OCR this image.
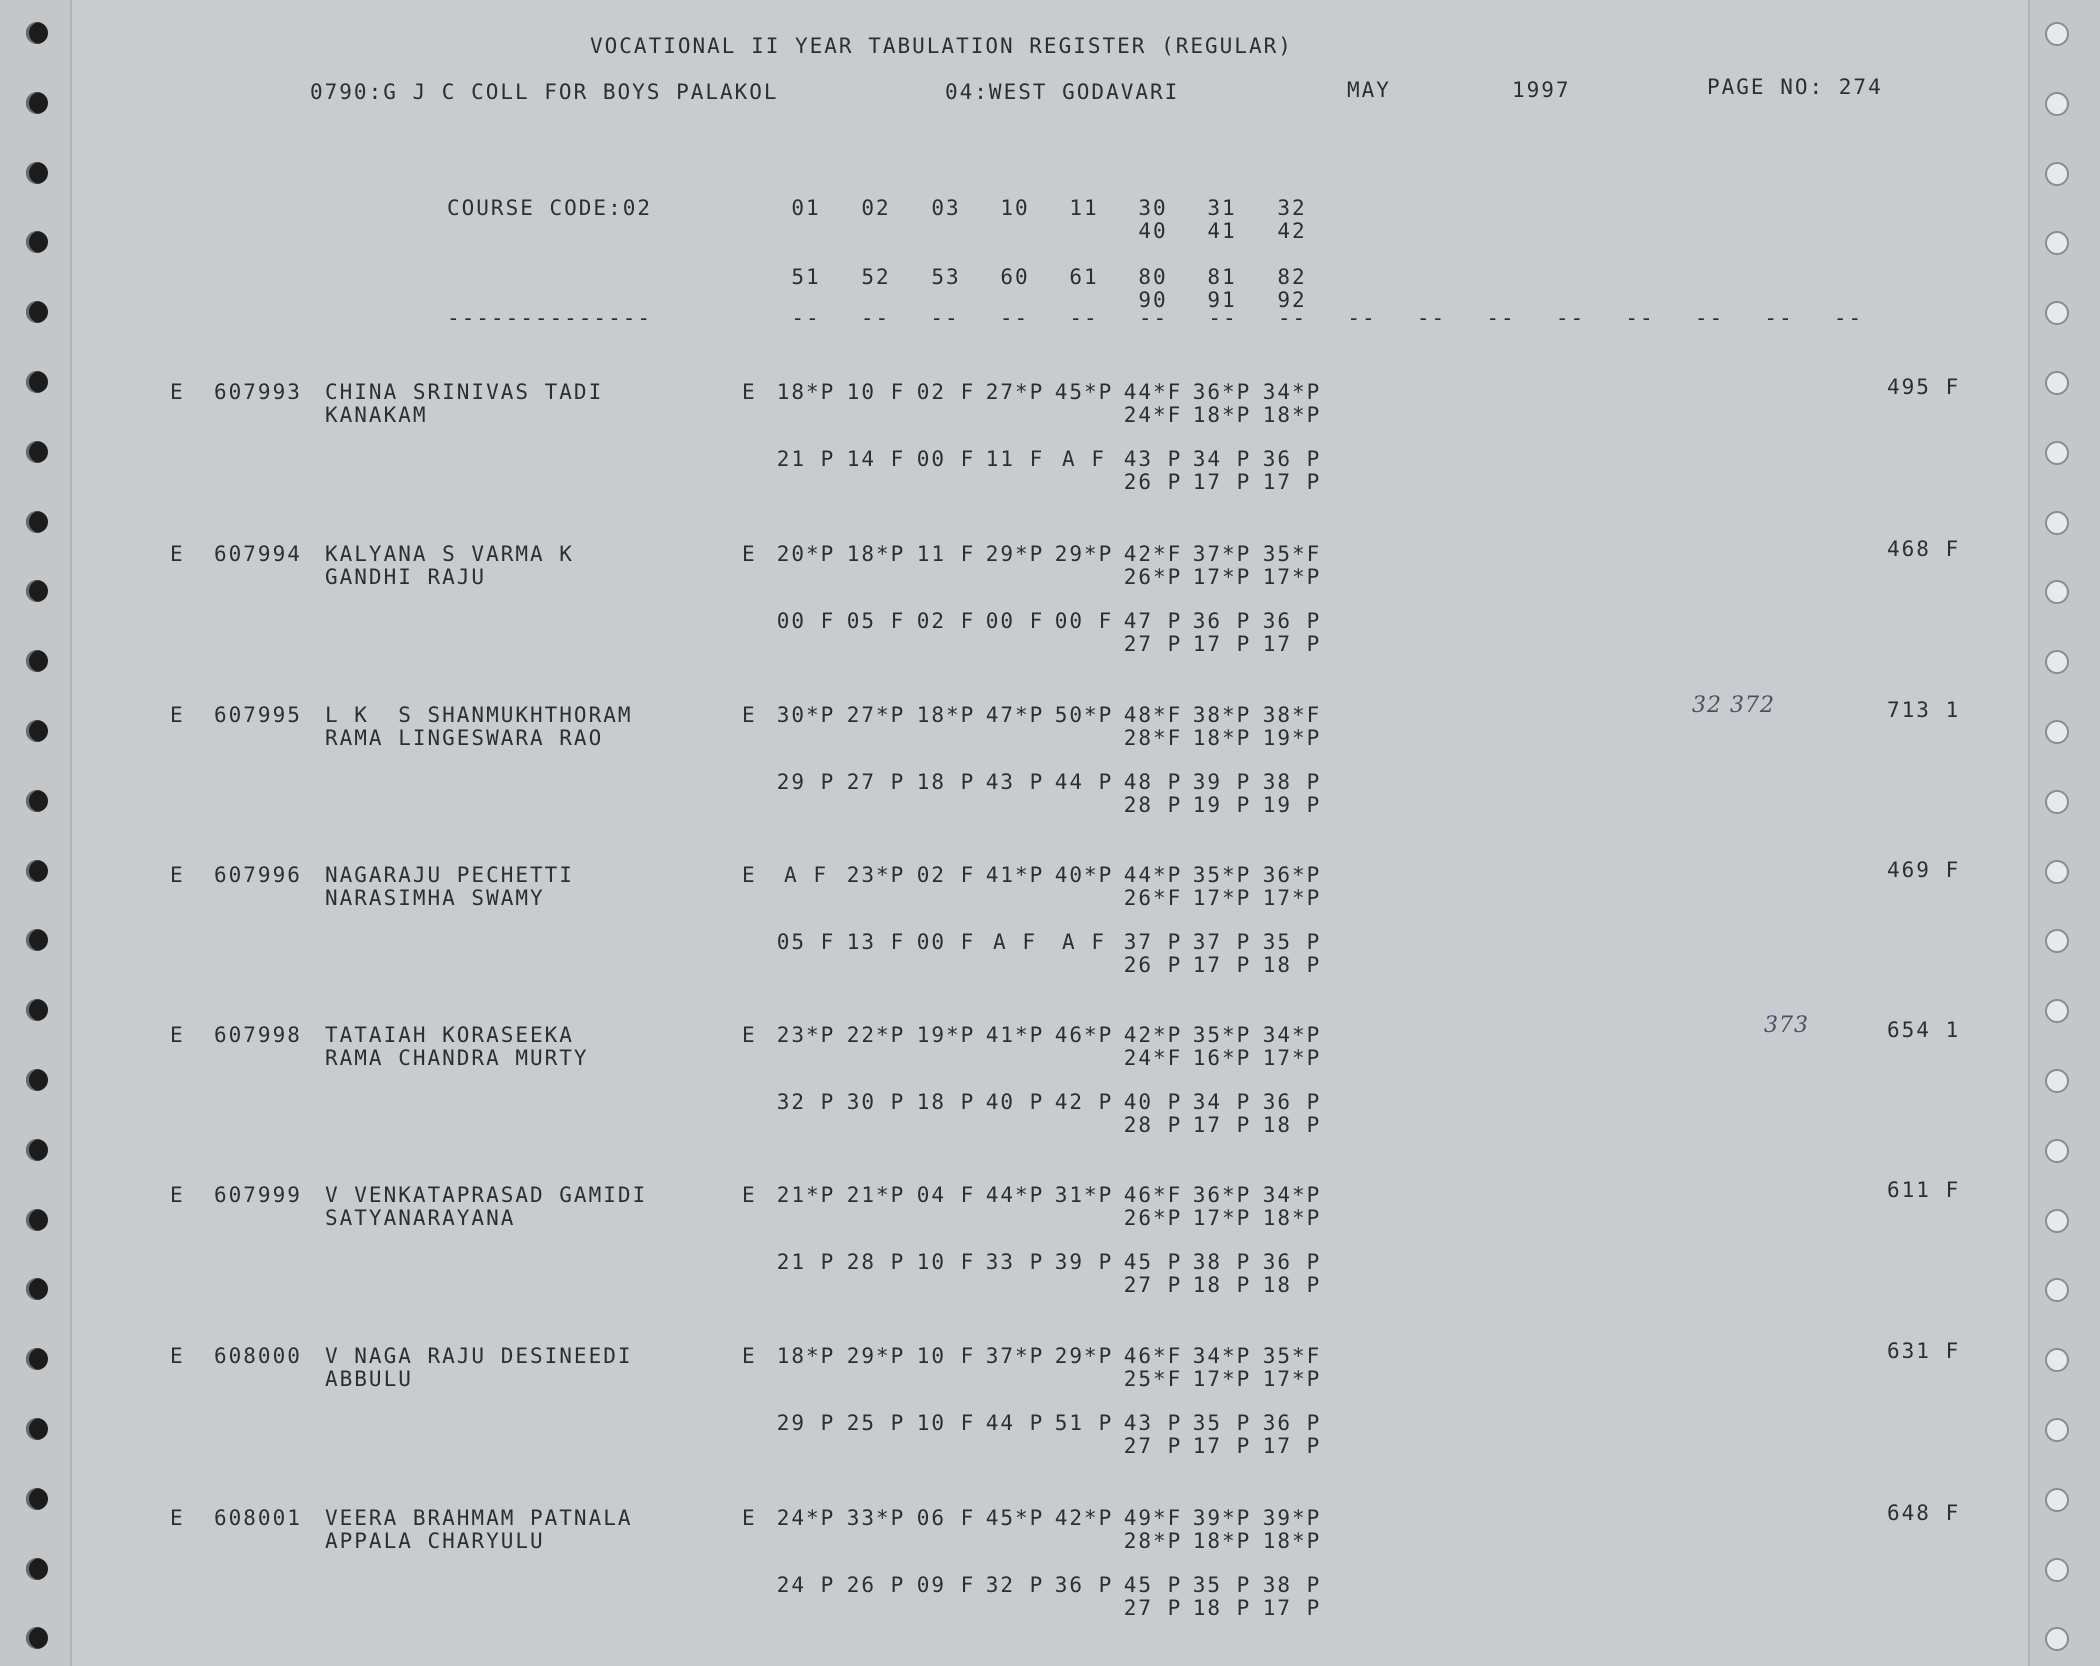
VOCATIONAL II YEAR TABULATION REGISTER (REGULAR)
0790:G J C COLL FOR BOYS PALAKOL	04:WEST GODAVARI	MAY	1997	PAGE NO: 274
COURSE CODE:02
--------------
01	02	03	10	11	30	31	32
40	41	42
51	52	53	60	61	80	81	82
90	91	92
--	--	--	--	--	--	--	--	--	--	--	--	--	--	--	--
E 607993 CHINA SRINIVAS TADI
KANAKAM
E 18*P 10 F 02 F 27*P 45*P 44*F 36*P 34*P
24*F 18*P 18*P
21 P 14 F 00 F 11 F A F 43 P 34 P 36 P
26 P 17 P 17 P
495 F
E 607994 KALYANA S VARMA K
GANDHI RAJU
E 20*P 18*P 11 F 29*P 29*P 42*F 37*P 35*F
26*P 17*P 17*P
00 F 05 F 02 F 00 F 00 F 47 P 36 P 36 P
27 P 17 P 17 P
468 F
E 607995 L K  S SHANMUKHTHORAM
RAMA LINGESWARA RAO
E 30*P 27*P 18*P 47*P 50*P 48*F 38*P 38*F
28*F 18*P 19*P
29 P 27 P 18 P 43 P 44 P 48 P 39 P 38 P
28 P 19 P 19 P
713 1
32 372
E 607996 NAGARAJU PECHETTI
NARASIMHA SWAMY
E	A F 23*P 02 F 41*P 40*P 44*P 35*P 36*P
26*F 17*P 17*P
05 F 13 F 00 F A F	A F 37 P 37 P 35 P
26 P 17 P 18 P
469 F
E 607998 TATAIAH KORASEEKA
RAMA CHANDRA MURTY
E 23*P 22*P 19*P 41*P 46*P 42*P 35*P 34*P
24*F 16*P 17*P
32 P 30 P 18 P 40 P 42 P 40 P 34 P 36 P
28 P 17 P 18 P
654 1
373
E 607999 V VENKATAPRASAD GAMIDI
SATYANARAYANA
E 21*P 21*P 04 F 44*P 31*P 46*F 36*P 34*P
26*P 17*P 18*P
21 P 28 P 10 F 33 P 39 P 45 P 38 P 36 P
27 P 18 P 18 P
611 F
E 608000 V NAGA RAJU DESINEEDI
ABBULU
E 18*P 29*P 10 F 37*P 29*P 46*F 34*P 35*F
25*F 17*P 17*P
29 P 25 P 10 F 44 P 51 P 43 P 35 P 36 P
27 P 17 P 17 P
631 F
E 608001 VEERA BRAHMAM PATNALA
APPALA CHARYULU
E 24*P 33*P 06 F 45*P 42*P 49*F 39*P 39*P
28*P 18*P 18*P
24 P 26 P 09 F 32 P 36 P 45 P 35 P 38 P
27 P 18 P 17 P
648 F
